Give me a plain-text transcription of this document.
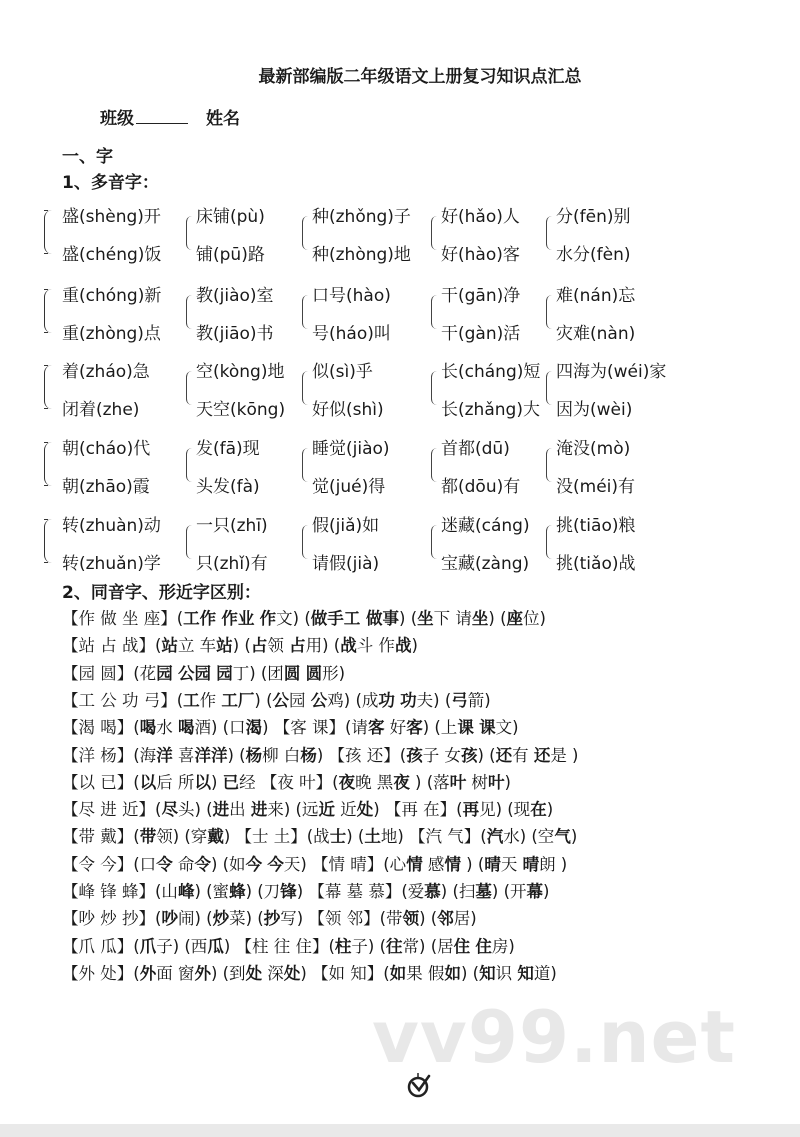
最新部编版二年级语文上册复习知识点汇总
班级	姓名
一、字
1、多音字：
盛(shèng)开 床铺(pù)	种(zhǒng)子 好(hǎo)人 分(fēn)别
盛(chéng)饭 铺(pū)路	种(zhòng)地 好(hào)客 水分(fèn)
重(chóng)新 教(jiào)室 口号(hào)	干(gān)净 难(nán)忘
重(zhòng)点 教(jiāo)书 号(háo)叫	干(gàn)活 灾难(nàn)
着(zháo)急	空(kòng)地 似(sì)乎	长(cháng)短 四海为(wéi)家
闭着(zhe)	天空(kōng) 好似(shì)	长(zhǎng)大 因为(wèi)
朝(cháo)代	发(fā)现	睡觉(jiào)	首都(dū)	淹没(mò)
朝(zhāo)霞	头发(fà)	觉(jué)得	都(dōu)有 没(méi)有
转(zhuàn)动 一只(zhī)	假(jiǎ)如	迷藏(cáng) 挑(tiāo)粮
转(zhuǎn)学 只(zhǐ)有	请假(jià)	宝藏(zàng) 挑(tiǎo)战
2、同音字、形近字区别：
【作 做 坐 座】(工作 作业 作文) (做手工 做事) (坐下 请坐) (座位)
【站 占 战】(站立 车站) (占领 占用) (战斗 作战)
【园 圆】(花园 公园 园丁) (团圆 圆形)
【工 公 功 弓】(工作 工厂) (公园 公鸡) (成功 功夫) (弓箭)
【渴 喝】(喝水 喝酒) (口渴) 【客 课】(请客 好客) (上课 课文)
【洋 杨】(海洋 喜洋洋) (杨柳 白杨) 【孩 还】(孩子 女孩) (还有 还是 )
【以 已】(以后 所以) 已经 【夜 叶】(夜晚 黑夜 ) (落叶 树叶)
【尽 进 近】(尽头) (进出 进来) (远近 近处) 【再 在】(再见) (现在)
【带 戴】(带领) (穿戴) 【士 土】(战士) (土地) 【汽 气】(汽水) (空气)
【令 今】(口令 命令) (如今 今天) 【情 晴】(心情 感情 ) (晴天 晴朗 )
【峰 锋 蜂】(山峰) (蜜蜂) (刀锋) 【幕 墓 慕】(爱慕) (扫墓) (开幕)
【吵 炒 抄】(吵闹) (炒菜) (抄写) 【领 邻】(带领) (邻居)
【爪 瓜】(爪子) (西瓜) 【柱 往 住】(柱子) (往常) (居住 住房)
【外 处】(外面 窗外) (到处 深处) 【如 知】(如果 假如) (知识 知道)
vv99.net
